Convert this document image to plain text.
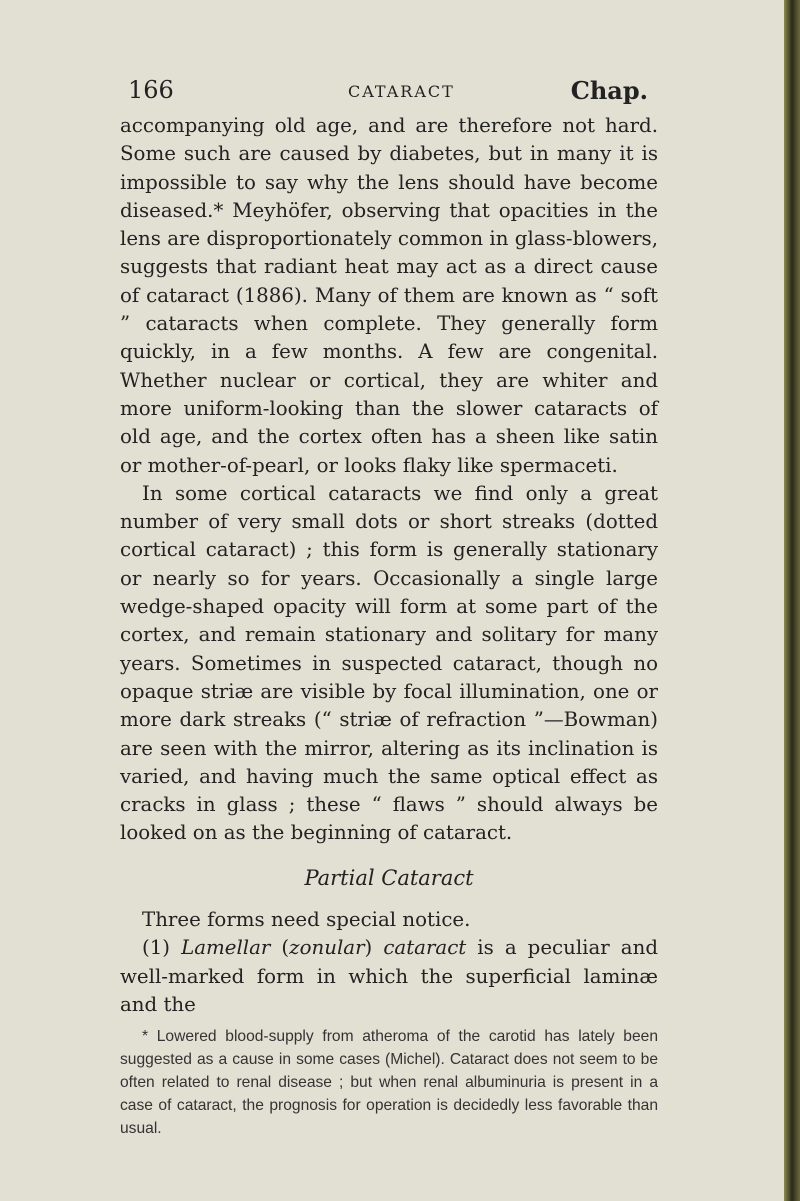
166	CATARACT	Chap.

accompanying old age, and are therefore not hard. Some such are caused by diabetes, but in many it is impossible to say why the lens should have become diseased.* Meyhöfer, observing that opacities in the lens are disproportionately common in glass-blowers, suggests that radiant heat may act as a direct cause of cataract (1886). Many of them are known as “ soft ” cataracts when complete. They generally form quickly, in a few months. A few are congenital. Whether nuclear or cortical, they are whiter and more uniform-looking than the slower cataracts of old age, and the cortex often has a sheen like satin or mother-of-pearl, or looks flaky like spermaceti.

In some cortical cataracts we find only a great number of very small dots or short streaks (dotted cortical cataract) ; this form is generally stationary or nearly so for years. Occasionally a single large wedge-shaped opacity will form at some part of the cortex, and remain stationary and solitary for many years. Sometimes in suspected cataract, though no opaque striæ are visible by focal illumination, one or more dark streaks (“ striæ of refraction ”—Bowman) are seen with the mirror, altering as its inclination is varied, and having much the same optical effect as cracks in glass ; these “ flaws ” should always be looked on as the beginning of cataract.

Partial Cataract

Three forms need special notice.

(1) Lamellar (zonular) cataract is a peculiar and well-marked form in which the superficial laminæ and the

* Lowered blood-supply from atheroma of the carotid has lately been suggested as a cause in some cases (Michel). Cataract does not seem to be often related to renal disease ; but when renal albuminuria is present in a case of cataract, the prognosis for operation is decidedly less favorable than usual.
